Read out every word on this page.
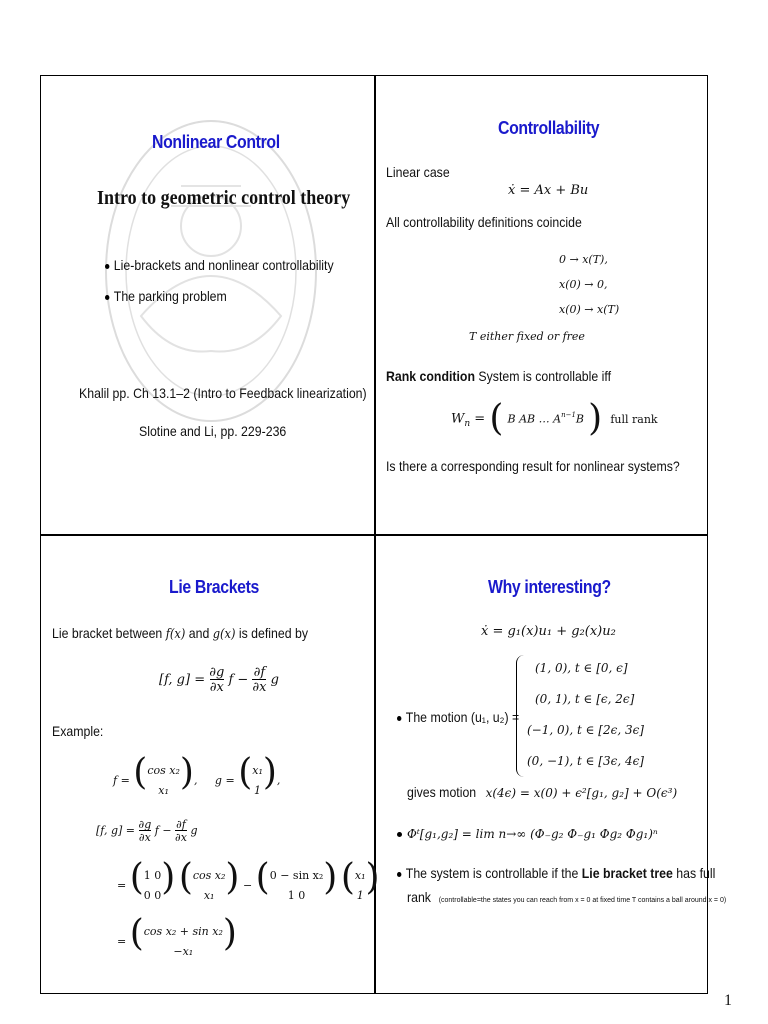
Nonlinear Control
Intro to geometric control theory
Lie-brackets and nonlinear controllability
The parking problem
Khalil pp. Ch 13.1–2 (Intro to Feedback linearization)
Slotine and Li, pp. 229-236
Controllability
Linear case
ẋ = Ax + Bu
All controllability definitions coincide
0 → x(T),
x(0) → 0,
x(0) → x(T)
T either fixed or free
Rank condition System is controllable iff
$W_n$ = ( B AB … $A^{n-1}B$ ) full rank
Is there a corresponding result for nonlinear systems?
Lie Brackets
Lie bracket between f(x) and g(x) is defined by
[f, $g] = \frac{\partial g}{\partial x}$ $f - \frac{\partial f}{\partial x}$ g
Example:
f = (cos x₂
x₁ ),     g = (x₁
1),
[f, $g] = \frac{\partial g}{\partial x}$ $f - \frac{\partial f}{\partial x}$ g
= (1 0
0 0) (cos x₂
x₁ ) − (0 − sin x₂
1 0 ) (x₁
1)
= (cos x₂ + sin x₂
−x₁ )
Why interesting?
ẋ = g₁(x)u₁ + g₂(x)u₂
The motion (u₁, u₂) =
(1, 0), t ∈ [0, ϵ]
(0, 1), t ∈ [ϵ, 2ϵ]
(−1, 0), t ∈ [2ϵ, 3ϵ]
(0, −1), t ∈ [3ϵ, 4ϵ]
gives motionx(4ϵ) = x(0) + ϵ²[g₁, g₂] + O(ϵ³)
Φᵗ[g₁,g₂] = lim n→∞ (Φ₋g₂ Φ₋g₁ Φg₂ Φg₁)ⁿ
The system is controllable if the Lie bracket tree has full
rank (controllable=the states you can reach from x = 0 at fixed time T contains a ball around x = 0)
1
